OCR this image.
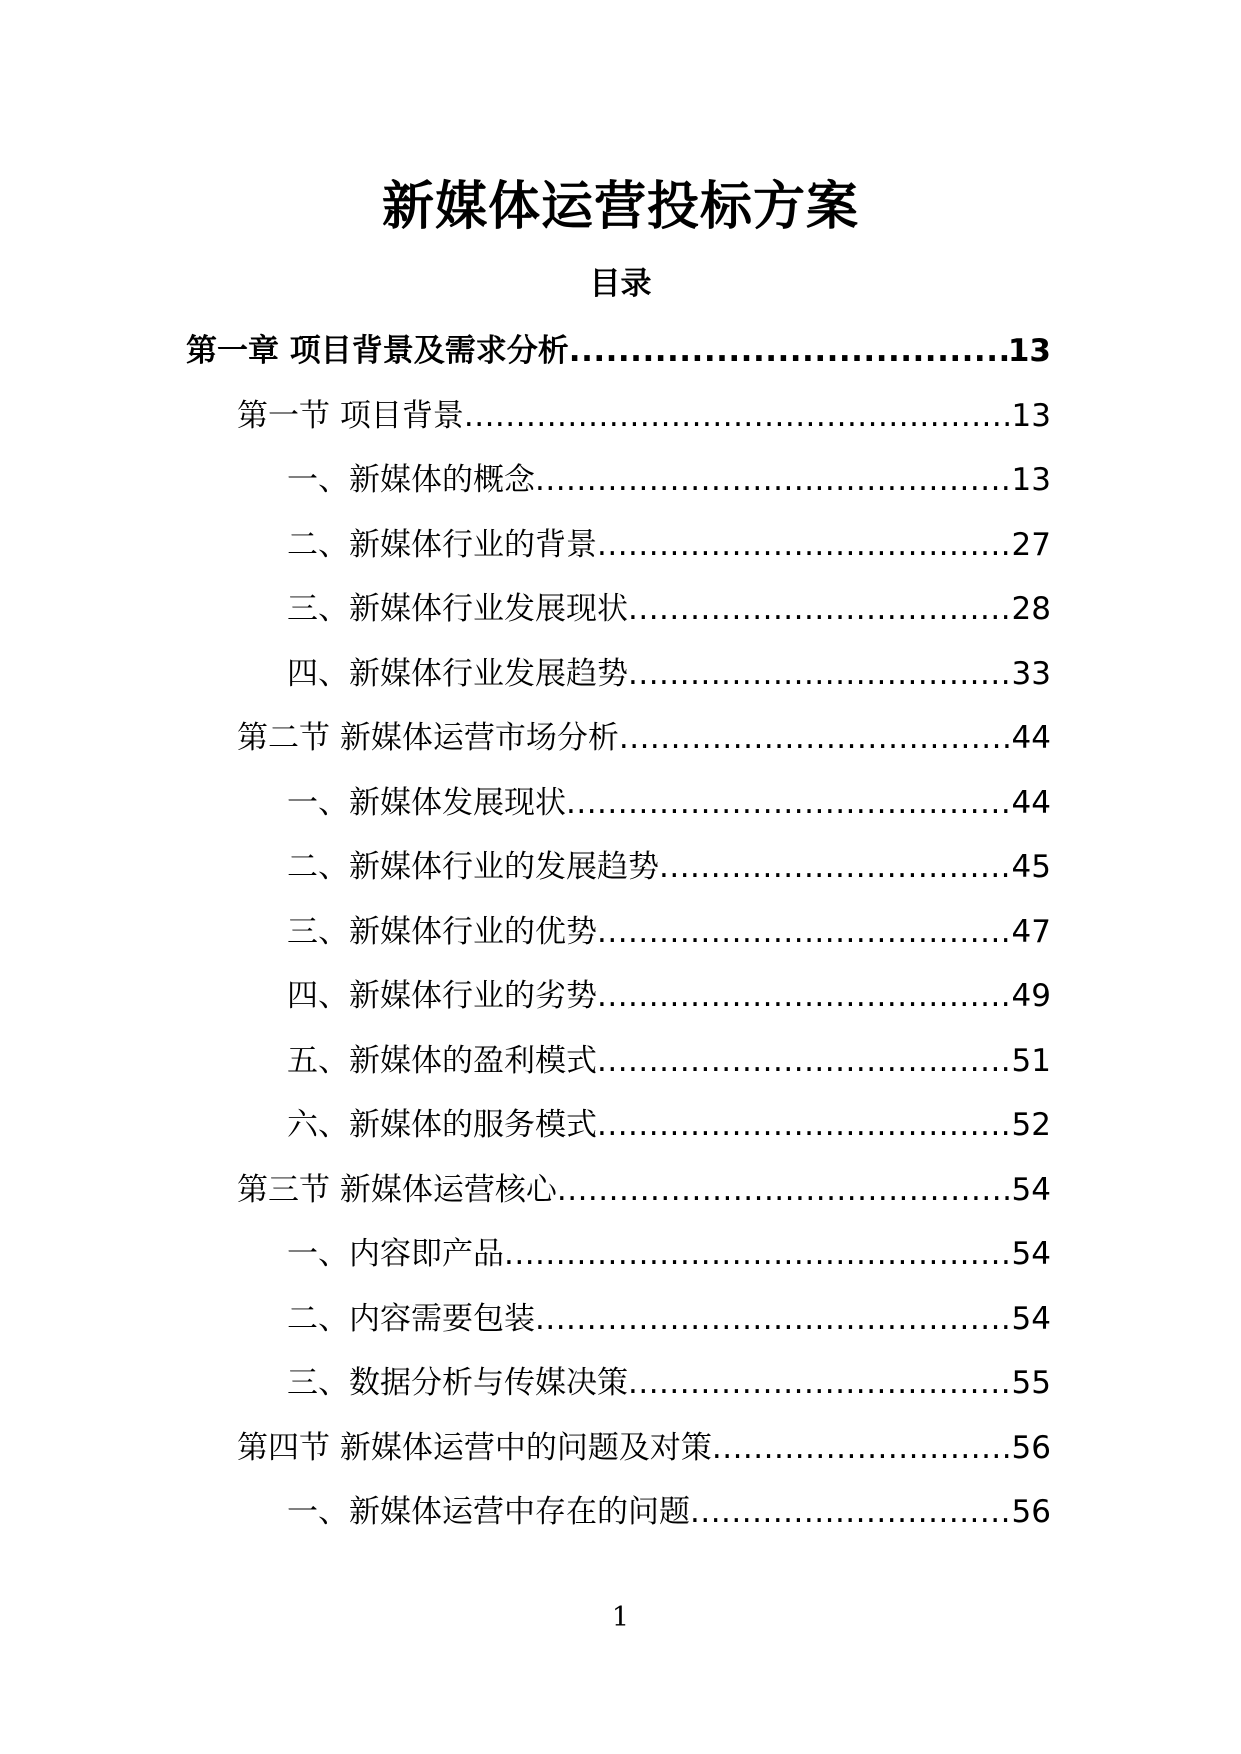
新媒体运营投标方案
目录
第一章 项目背景及需求分析 .....	13
第一节 项目背景 .....	13
一、新媒体的概念 .....	13
二、新媒体行业的背景 .....	27
三、新媒体行业发展现状 .....	28
四、新媒体行业发展趋势 .....	33
第二节 新媒体运营市场分析 .....	44
一、新媒体发展现状 .....	44
二、新媒体行业的发展趋势 .....	45
三、新媒体行业的优势 .....	47
四、新媒体行业的劣势 .....	49
五、新媒体的盈利模式 .....	51
六、新媒体的服务模式 .....	52
第三节 新媒体运营核心 .....	54
一、内容即产品 .....	54
二、内容需要包装 .....	54
三、数据分析与传媒决策 .....	55
第四节 新媒体运营中的问题及对策 .....	56
一、新媒体运营中存在的问题 .....	56
1
